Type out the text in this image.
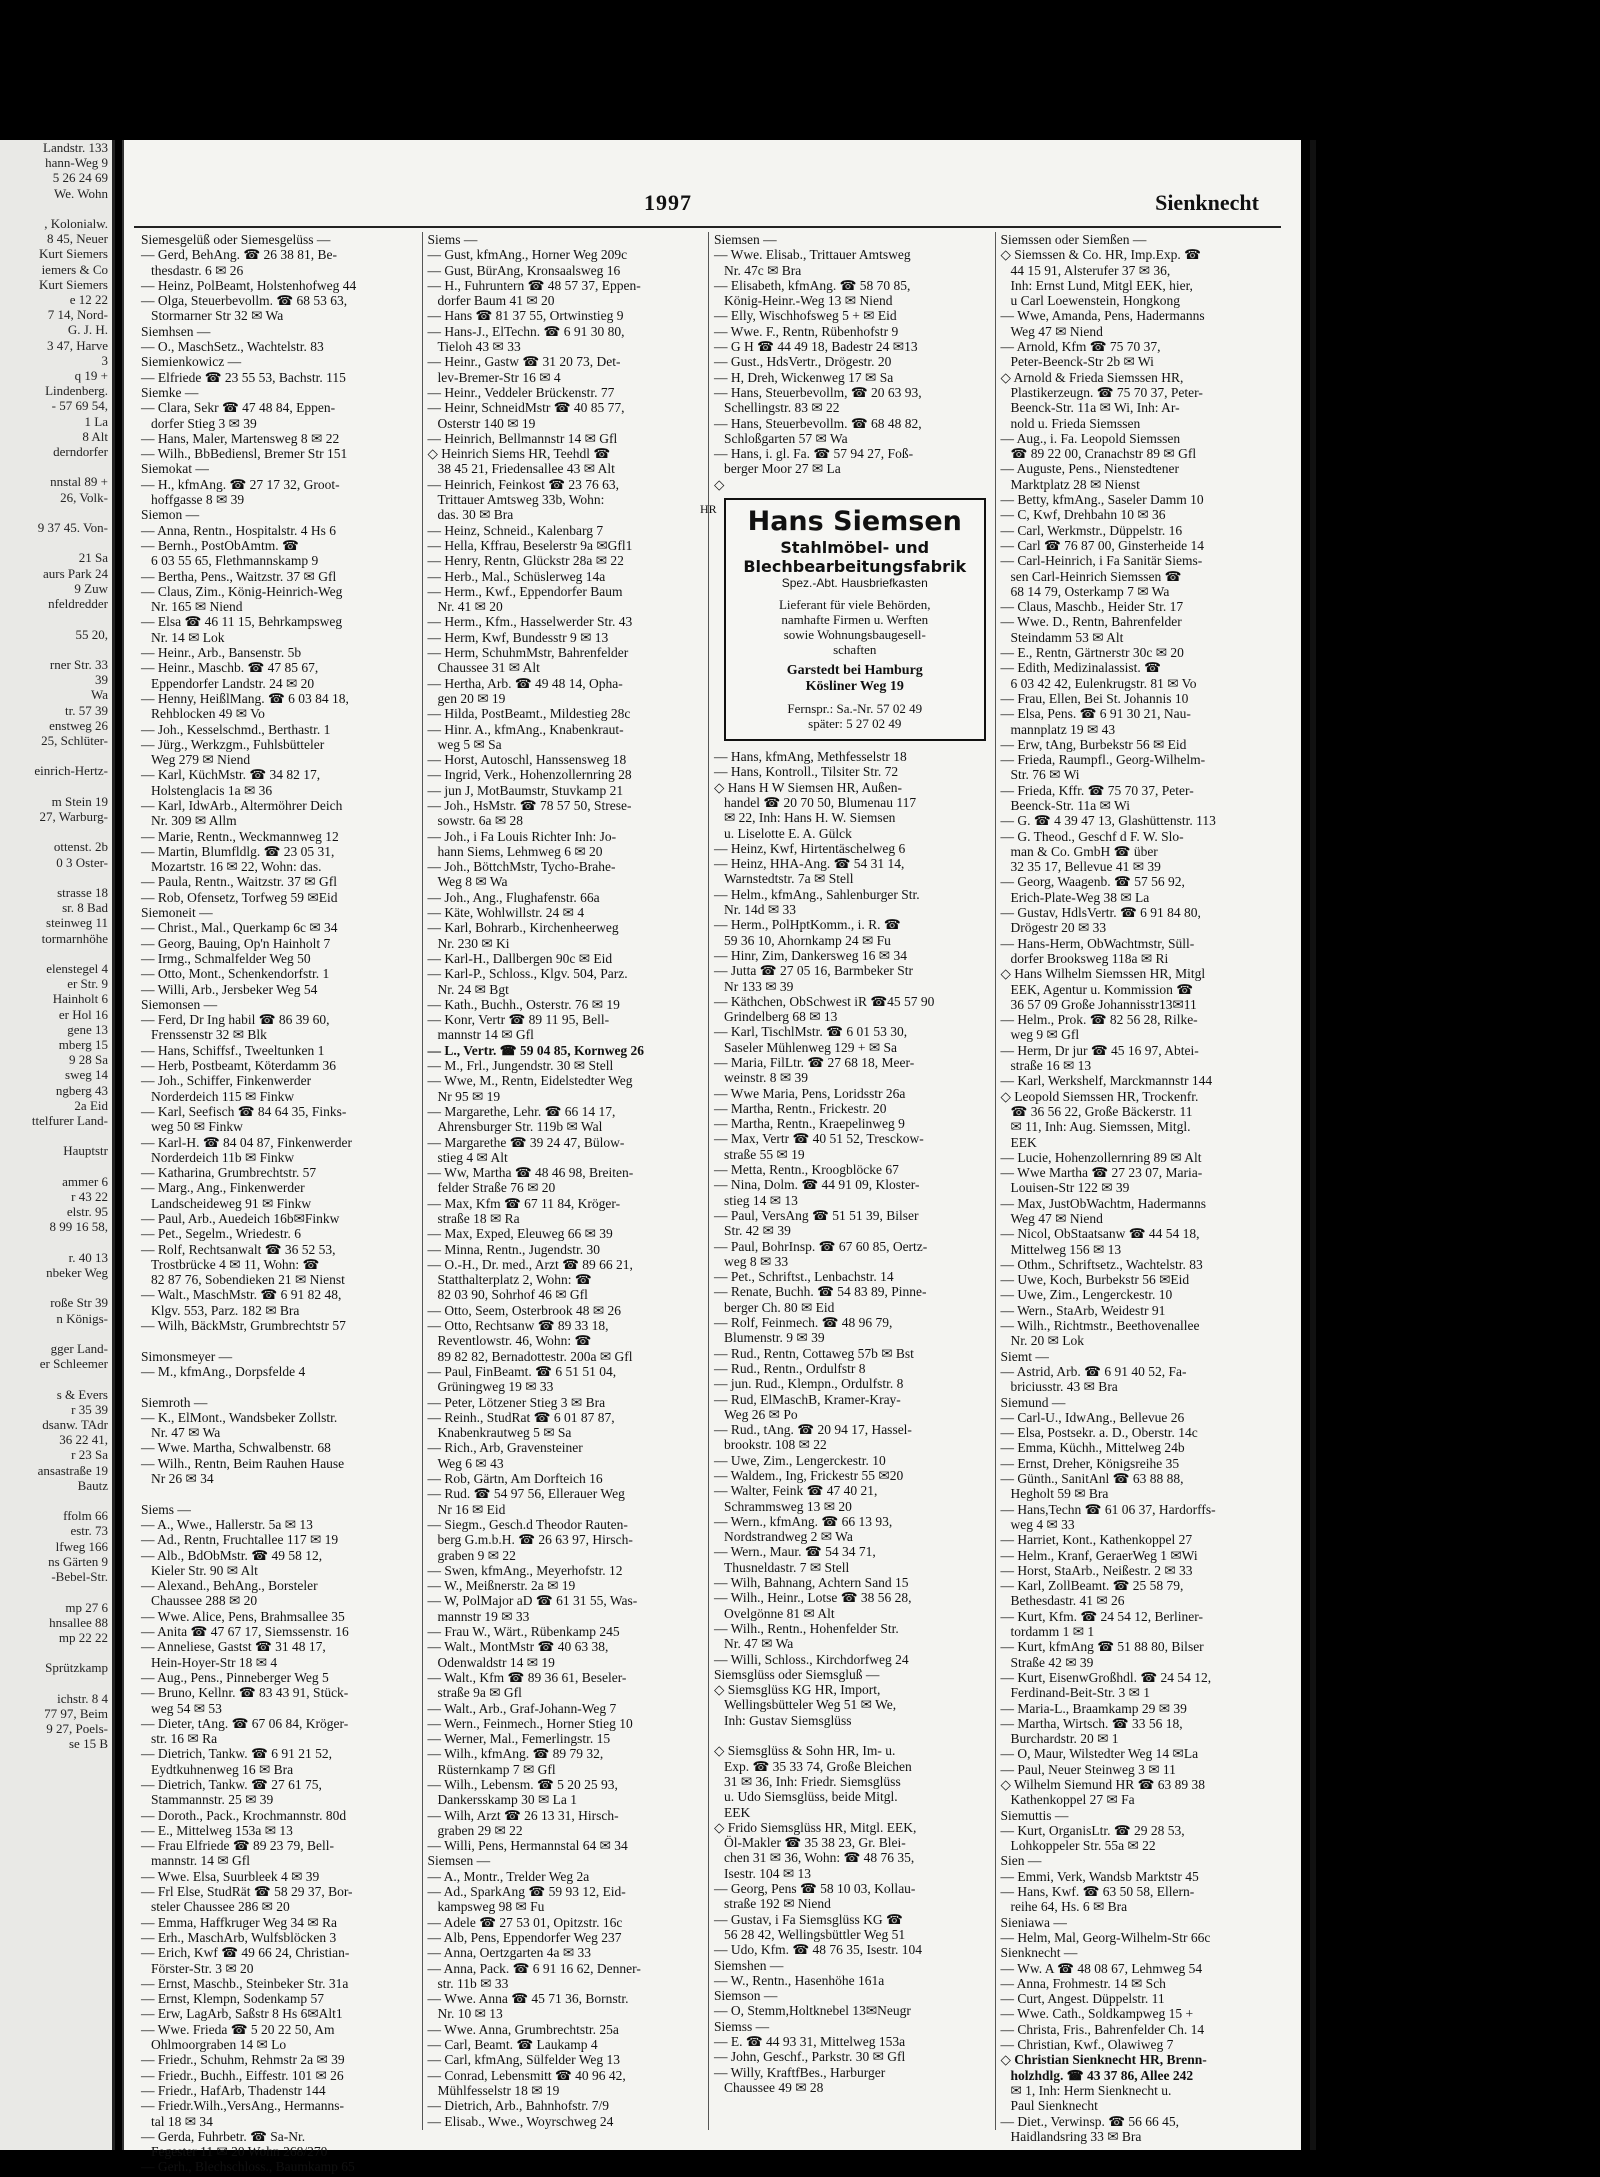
Landstr. 133
hann-Weg 9
5 26 24 69
We. Wohn

, Kolonialw.
8 45, Neuer
Kurt Siemers
iemers & Co
Kurt Siemers
e 12 22
7 14, Nord-
G. J. H.
3 47, Harve
3
q 19 +
Lindenberg.
- 57 69 54,
1 La
8 Alt
derndorfer

nnstal 89 +
26, Volk-

9 37 45. Von-

21 Sa
aurs Park 24
9 Zuw
nfeldredder

55 20,

rner Str. 33
39
Wa
tr. 57 39
enstweg 26
25, Schlüter-

einrich-Hertz-

m Stein 19
27, Warburg-

ottenst. 2b
0 3 Oster-

strasse 18
sr. 8 Bad
steinweg 11
tormarnhöhe

elenstegel 4
er Str. 9
Hainholt 6
er Hol 16
gene 13
mberg 15
9 28 Sa
sweg 14
ngberg 43
2a Eid
ttelfurer Land-

Hauptstr

ammer 6
r 43 22
elstr. 95
8 99 16 58,

r. 40 13
nbeker Weg

roße Str 39
n Königs-

gger Land-
er Schleemer

s & Evers
r 35 39
dsanw. TAdr
36 22 41,
r 23 Sa
ansastraße 19
Bautz

ffolm 66
estr. 73
lfweg 166
ns Gärten 9
-Bebel-Str.

mp 27 6
hnsallee 88
mp 22 22

Sprützkamp

ichstr. 8 4
77 97, Beim
9 27, Poels-
se 15 B
1997	Sienknecht
Siemesgelüß oder Siemesgelüss —
— Gerd, BehAng. ☎ 26 38 81, Be-
thesdastr. 6 ✉ 26
— Heinz, PolBeamt, Holstenhofweg 44
— Olga, Steuerbevollm. ☎ 68 53 63,
Stormarner Str 32 ✉ Wa
Siemhsen —
— O., MaschSetz., Wachtelstr. 83
Siemienkowicz —
— Elfriede ☎ 23 55 53, Bachstr. 115
Siemke —
— Clara, Sekr ☎ 47 48 84, Eppen-
dorfer Stieg 3 ✉ 39
— Hans, Maler, Martensweg 8 ✉ 22
— Wilh., BbBediensl, Bremer Str 151
Siemokat —
— H., kfmAng. ☎ 27 17 32, Groot-
hoffgasse 8 ✉ 39
Siemon —
— Anna, Rentn., Hospitalstr. 4 Hs 6
— Bernh., PostObAmtm. ☎
6 03 55 65, Flethmannskamp 9
— Bertha, Pens., Waitzstr. 37 ✉ Gfl
— Claus, Zim., König-Heinrich-Weg
Nr. 165 ✉ Niend
— Elsa ☎ 46 11 15, Behrkampsweg
Nr. 14 ✉ Lok
— Heinr., Arb., Bansenstr. 5b
— Heinr., Maschb. ☎ 47 85 67,
Eppendorfer Landstr. 24 ✉ 20
— Henny, HeißlMang. ☎ 6 03 84 18,
Rehblocken 49 ✉ Vo
— Joh., Kesselschmd., Berthastr. 1
— Jürg., Werkzgm., Fuhlsbütteler
Weg 279 ✉ Niend
— Karl, KüchMstr. ☎ 34 82 17,
Holstenglacis 1a ✉ 36
— Karl, IdwArb., Altermöhrer Deich
Nr. 309 ✉ Allm
— Marie, Rentn., Weckmannweg 12
— Martin, Blumfldlg. ☎ 23 05 31,
Mozartstr. 16 ✉ 22, Wohn: das.
— Paula, Rentn., Waitzstr. 37 ✉ Gfl
— Rob, Ofensetz, Torfweg 59 ✉Eid
Siemoneit —
— Christ., Mal., Querkamp 6c ✉ 34
— Georg, Bauing, Op'n Hainholt 7
— Irmg., Schmalfelder Weg 50
— Otto, Mont., Schenkendorfstr. 1
— Willi, Arb., Jersbeker Weg 54
Siemonsen —
— Ferd, Dr Ing habil ☎ 86 39 60,
Frenssenstr 32 ✉ Blk
— Hans, Schiffsf., Tweeltunken 1
— Herb, Postbeamt, Köterdamm 36
— Joh., Schiffer, Finkenwerder
Norderdeich 115 ✉ Finkw
— Karl, Seefisch ☎ 84 64 35, Finks-
weg 50 ✉ Finkw
— Karl-H. ☎ 84 04 87, Finkenwerder
Norderdeich 11b ✉ Finkw
— Katharina, Grumbrechtstr. 57
— Marg., Ang., Finkenwerder
Landscheideweg 91 ✉ Finkw
— Paul, Arb., Auedeich 16b✉Finkw
— Pet., Segelm., Wriedestr. 6
— Rolf, Rechtsanwalt ☎ 36 52 53,
Trostbrücke 4 ✉ 11, Wohn: ☎
82 87 76, Sobendieken 21 ✉ Nienst
— Walt., MaschMstr. ☎ 6 91 82 48,
Klgv. 553, Parz. 182 ✉ Bra
— Wilh, BäckMstr, Grumbrechtstr 57

Simonsmeyer —
— M., kfmAng., Dorpsfelde 4

Siemroth —
— K., ElMont., Wandsbeker Zollstr.
Nr. 47 ✉ Wa
— Wwe. Martha, Schwalbenstr. 68
— Wilh., Rentn, Beim Rauhen Hause
Nr 26 ✉ 34

Siems —
— A., Wwe., Hallerstr. 5a ✉ 13
— Ad., Rentn, Fruchtallee 117 ✉ 19
— Alb., BdObMstr. ☎ 49 58 12,
Kieler Str. 90 ✉ Alt
— Alexand., BehAng., Borsteler
Chaussee 288 ✉ 20
— Wwe. Alice, Pens, Brahmsallee 35
— Anita ☎ 47 67 17, Siemssenstr. 16
— Anneliese, Gastst ☎ 31 48 17,
Hein-Hoyer-Str 18 ✉ 4
— Aug., Pens., Pinneberger Weg 5
— Bruno, Kellnr. ☎ 83 43 91, Stück-
weg 54 ✉ 53
— Dieter, tAng. ☎ 67 06 84, Kröger-
str. 16 ✉ Ra
— Dietrich, Tankw. ☎ 6 91 21 52,
Eydtkuhnenweg 16 ✉ Bra
— Dietrich, Tankw. ☎ 27 61 75,
Stammannstr. 25 ✉ 39
— Doroth., Pack., Krochmannstr. 80d
— E., Mittelweg 153a ✉ 13
— Frau Elfriede ☎ 89 23 79, Bell-
mannstr. 14 ✉ Gfl
— Wwe. Elsa, Suurbleek 4 ✉ 39
— Frl Else, StudRät ☎ 58 29 37, Bor-
steler Chaussee 286 ✉ 20
— Emma, Haffkruger Weg 34 ✉ Ra
— Erh., MaschArb, Wulfsblöcken 3
— Erich, Kwf ☎ 49 66 24, Christian-
Förster-Str. 3 ✉ 20
— Ernst, Maschb., Steinbeker Str. 31a
— Ernst, Klempn, Sodenkamp 57
— Erw, LagArb, Saßstr 8 Hs 6✉Alt1
— Wwe. Frieda ☎ 5 20 22 50, Am
Ohlmoorgraben 14 ✉ Lo
— Friedr., Schuhm, Rehmstr 2a ✉ 39
— Friedr., Buchh., Eiffestr. 101 ✉ 26
— Friedr., HafArb, Thadenstr 144
— Friedr.Wilh.,VersAng., Hermanns-
tal 18 ✉ 34
— Gerda, Fuhrbetr. ☎ Sa-Nr.
Fegester 11 ✉ 20 Wohn 268/270
— Gerh., Blechschloss., Baumkamp 65
Siems —
— Gust, kfmAng., Horner Weg 209c
— Gust, BürAng, Kronsaalsweg 16
— H., Fuhruntern ☎ 48 57 37, Eppen-
dorfer Baum 41 ✉ 20
— Hans ☎ 81 37 55, Ortwinstieg 9
— Hans-J., ElTechn. ☎ 6 91 30 80,
Tieloh 43 ✉ 33
— Heinr., Gastw ☎ 31 20 73, Det-
lev-Bremer-Str 16 ✉ 4
— Heinr., Veddeler Brückenstr. 77
— Heinr, SchneidMstr ☎ 40 85 77,
Osterstr 140 ✉ 19
— Heinrich, Bellmannstr 14 ✉ Gfl
◇ Heinrich Siems HR, Teehdl ☎
38 45 21, Friedensallee 43 ✉ Alt
— Heinrich, Feinkost ☎ 23 76 63,
Trittauer Amtsweg 33b, Wohn:
das. 30 ✉ Bra
— Heinz, Schneid., Kalenbarg 7
— Hella, Kffrau, Beselerstr 9a ✉Gfl1
— Henry, Rentn, Glückstr 28a ✉ 22
— Herb., Mal., Schüslerweg 14a
— Herm., Kwf., Eppendorfer Baum
Nr. 41 ✉ 20
— Herm., Kfm., Hasselwerder Str. 43
— Herm, Kwf, Bundesstr 9 ✉ 13
— Herm, SchuhmMstr, Bahrenfelder
Chaussee 31 ✉ Alt
— Hertha, Arb. ☎ 49 48 14, Opha-
gen 20 ✉ 19
— Hilda, PostBeamt., Mildestieg 28c
— Hinr. A., kfmAng., Knabenkraut-
weg 5 ✉ Sa
— Horst, Autoschl, Hanssensweg 18
— Ingrid, Verk., Hohenzollernring 28
— jun J, MotBaumstr, Stuvkamp 21
— Joh., HsMstr. ☎ 78 57 50, Strese-
sowstr. 6a ✉ 28
— Joh., i Fa Louis Richter Inh: Jo-
hann Siems, Lehmweg 6 ✉ 20
— Joh., BöttchMstr, Tycho-Brahe-
Weg 8 ✉ Wa
— Joh., Ang., Flughafenstr. 66a
— Käte, Wohlwillstr. 24 ✉ 4
— Karl, Bohrarb., Kirchenheerweg
Nr. 230 ✉ Ki
— Karl-H., Dallbergen 90c ✉ Eid
— Karl-P., Schloss., Klgv. 504, Parz.
Nr. 24 ✉ Bgt
— Kath., Buchh., Osterstr. 76 ✉ 19
— Konr, Vertr ☎ 89 11 95, Bell-
mannstr 14 ✉ Gfl
— L., Vertr. ☎ 59 04 85, Kornweg 26
— M., Frl., Jungendstr. 30 ✉ Stell
— Wwe, M., Rentn, Eidelstedter Weg
Nr 95 ✉ 19
— Margarethe, Lehr. ☎ 66 14 17,
Ahrensburger Str. 119b ✉ Wal
— Margarethe ☎ 39 24 47, Bülow-
stieg 4 ✉ Alt
— Ww, Martha ☎ 48 46 98, Breiten-
felder Straße 76 ✉ 20
— Max, Kfm ☎ 67 11 84, Kröger-
straße 18 ✉ Ra
— Max, Exped, Eleuweg 66 ✉ 39
— Minna, Rentn., Jugendstr. 30
— O.-H., Dr. med., Arzt ☎ 89 66 21,
Statthalterplatz 2, Wohn: ☎
82 03 90, Sohrhof 46 ✉ Gfl
— Otto, Seem, Osterbrook 48 ✉ 26
— Otto, Rechtsanw ☎ 89 33 18,
Reventlowstr. 46, Wohn: ☎
89 82 82, Bernadottestr. 200a ✉ Gfl
— Paul, FinBeamt. ☎ 6 51 51 04,
Grüningweg 19 ✉ 33
— Peter, Lötzener Stieg 3 ✉ Bra
— Reinh., StudRat ☎ 6 01 87 87,
Knabenkrautweg 5 ✉ Sa
— Rich., Arb, Gravensteiner
Weg 6 ✉ 43
— Rob, Gärtn, Am Dorfteich 16
— Rud. ☎ 54 97 56, Ellerauer Weg
Nr 16 ✉ Eid
— Siegm., Gesch.d Theodor Rauten-
berg G.m.b.H. ☎ 26 63 97, Hirsch-
graben 9 ✉ 22
— Swen, kfmAng., Meyerhofstr. 12
— W., Meißnerstr. 2a ✉ 19
— W, PolMajor aD ☎ 61 31 55, Was-
mannstr 19 ✉ 33
— Frau W., Wärt., Rübenkamp 245
— Walt., MontMstr ☎ 40 63 38,
Odenwaldstr 14 ✉ 19
— Walt., Kfm ☎ 89 36 61, Beseler-
straße 9a ✉ Gfl
— Walt., Arb., Graf-Johann-Weg 7
— Wern., Feinmech., Horner Stieg 10
— Werner, Mal., Femerlingstr. 15
— Wilh., kfmAng. ☎ 89 79 32,
Rüsternkamp 7 ✉ Gfl
— Wilh., Lebensm. ☎ 5 20 25 93,
Dankersskamp 30 ✉ La 1
— Wilh, Arzt ☎ 26 13 31, Hirsch-
graben 29 ✉ 22
— Willi, Pens, Hermannstal 64 ✉ 34
Siemsen —
— A., Montr., Trelder Weg 2a
— Ad., SparkAng ☎ 59 93 12, Eid-
kampsweg 98 ✉ Fu
— Adele ☎ 27 53 01, Opitzstr. 16c
— Alb, Pens, Eppendorfer Weg 237
— Anna, Oertzgarten 4a ✉ 33
— Anna, Pack. ☎ 6 91 16 62, Denner-
str. 11b ✉ 33
— Wwe. Anna ☎ 45 71 36, Bornstr.
Nr. 10 ✉ 13
— Wwe. Anna, Grumbrechtstr. 25a
— Carl, Beamt. ☎ Laukamp 4
— Carl, kfmAng, Sülfelder Weg 13
— Conrad, Lebensmitt ☎ 40 96 42,
Mühlfesselstr 18 ✉ 19
— Dietrich, Arb., Bahnhofstr. 7/9
— Elisab., Wwe., Woyrschweg 24
Siemsen —
— Wwe. Elisab., Trittauer Amtsweg
Nr. 47c ✉ Bra
— Elisabeth, kfmAng. ☎ 58 70 85,
König-Heinr.-Weg 13 ✉ Niend
— Elly, Wischhofsweg 5 + ✉ Eid
— Wwe. F., Rentn, Rübenhofstr 9
— G H ☎ 44 49 18, Badestr 24 ✉13
— Gust., HdsVertr., Drögestr. 20
— H, Dreh, Wickenweg 17 ✉ Sa
— Hans, Steuerbevollm, ☎ 20 63 93,
Schellingstr. 83 ✉ 22
— Hans, Steuerbevollm. ☎ 68 48 82,
Schloßgarten 57 ✉ Wa
— Hans, i. gl. Fa. ☎ 57 94 27, Foß-
berger Moor 27 ✉ La
◇
HR	Hans Siemsen
Stahlmöbel- und
Blechbearbeitungsfabrik
Spez.-Abt. Hausbriefkasten
Lieferant für viele Behörden,
namhafte Firmen u. Werften
sowie Wohnungsbaugesell-
schaften
Garstedt bei Hamburg
Kösliner Weg 19
Fernspr.: Sa.-Nr. 57 02 49
später: 5 27 02 49
— Hans, kfmAng, Methfesselstr 18
— Hans, Kontroll., Tilsiter Str. 72
◇ Hans H W Siemsen HR, Außen-
handel ☎ 20 70 50, Blumenau 117
✉ 22, Inh: Hans H. W. Siemsen
u. Liselotte E. A. Gülck
— Heinz, Kwf, Hirtentäschelweg 6
— Heinz, HHA-Ang. ☎ 54 31 14,
Warnstedtstr. 7a ✉ Stell
— Helm., kfmAng., Sahlenburger Str.
Nr. 14d ✉ 33
— Herm., PolHptKomm., i. R. ☎
59 36 10, Ahornkamp 24 ✉ Fu
— Hinr, Zim, Dankersweg 16 ✉ 34
— Jutta ☎ 27 05 16, Barmbeker Str
Nr 133 ✉ 39
— Käthchen, ObSchwest iR ☎45 57 90
Grindelberg 68 ✉ 13
— Karl, TischlMstr. ☎ 6 01 53 30,
Saseler Mühlenweg 129 + ✉ Sa
— Maria, FilLtr. ☎ 27 68 18, Meer-
weinstr. 8 ✉ 39
— Wwe Maria, Pens, Loridsstr 26a
— Martha, Rentn., Frickestr. 20
— Martha, Rentn., Kraepelinweg 9
— Max, Vertr ☎ 40 51 52, Tresckow-
straße 55 ✉ 19
— Metta, Rentn., Kroogblöcke 67
— Nina, Dolm. ☎ 44 91 09, Kloster-
stieg 14 ✉ 13
— Paul, VersAng ☎ 51 51 39, Bilser
Str. 42 ✉ 39
— Paul, BohrInsp. ☎ 67 60 85, Oertz-
weg 8 ✉ 33
— Pet., Schriftst., Lenbachstr. 14
— Renate, Buchh. ☎ 54 83 89, Pinne-
berger Ch. 80 ✉ Eid
— Rolf, Feinmech. ☎ 48 96 79,
Blumenstr. 9 ✉ 39
— Rud., Rentn, Cottaweg 57b ✉ Bst
— Rud., Rentn., Ordulfstr 8
— jun. Rud., Klempn., Ordulfstr. 8
— Rud, ElMaschB, Kramer-Kray-
Weg 26 ✉ Po
— Rud., tAng. ☎ 20 94 17, Hassel-
brookstr. 108 ✉ 22
— Uwe, Zim., Lengerckestr. 10
— Waldem., Ing, Frickestr 55 ✉20
— Walter, Feink ☎ 47 40 21,
Schrammsweg 13 ✉ 20
— Wern., kfmAng. ☎ 66 13 93,
Nordstrandweg 2 ✉ Wa
— Wern., Maur. ☎ 54 34 71,
Thusneldastr. 7 ✉ Stell
— Wilh, Bahnang, Achtern Sand 15
— Wilh., Heinr., Lotse ☎ 38 56 28,
Ovelgönne 81 ✉ Alt
— Wilh., Rentn., Hohenfelder Str.
Nr. 47 ✉ Wa
— Willi, Schloss., Kirchdorfweg 24
Siemsglüss oder Siemsgluß —
◇ Siemsglüss KG HR, Import,
Wellingsbütteler Weg 51 ✉ We,
Inh: Gustav Siemsglüss

◇ Siemsglüss & Sohn HR, Im- u.
Exp. ☎ 35 33 74, Große Bleichen
31 ✉ 36, Inh: Friedr. Siemsglüss
u. Udo Siemsglüss, beide Mitgl.
EEK
◇ Frido Siemsglüss HR, Mitgl. EEK,
Öl-Makler ☎ 35 38 23, Gr. Blei-
chen 31 ✉ 36, Wohn: ☎ 48 76 35,
Isestr. 104 ✉ 13
— Georg, Pens ☎ 58 10 03, Kollau-
straße 192 ✉ Niend
— Gustav, i Fa Siemsglüss KG ☎
56 28 42, Wellingsbüttler Weg 51
— Udo, Kfm. ☎ 48 76 35, Isestr. 104
Siemshen —
— W., Rentn., Hasenhöhe 161a
Siemson —
— O, Stemm,Holtknebel 13✉Neugr
Siemss —
— E. ☎ 44 93 31, Mittelweg 153a
— John, Geschf., Parkstr. 30 ✉ Gfl
— Willy, KraftfBes., Harburger
Chaussee 49 ✉ 28
Siemssen oder Siemßen —
◇ Siemssen & Co. HR, Imp.Exp. ☎
44 15 91, Alsterufer 37 ✉ 36,
Inh: Ernst Lund, Mitgl EEK, hier,
u Carl Loewenstein, Hongkong
— Wwe, Amanda, Pens, Hadermanns
Weg 47 ✉ Niend
— Arnold, Kfm ☎ 75 70 37,
Peter-Beenck-Str 2b ✉ Wi
◇ Arnold & Frieda Siemssen HR,
Plastikerzeugn. ☎ 75 70 37, Peter-
Beenck-Str. 11a ✉ Wi, Inh: Ar-
nold u. Frieda Siemssen
— Aug., i. Fa. Leopold Siemssen
☎ 89 22 00, Cranachstr 89 ✉ Gfl
— Auguste, Pens., Nienstedtener
Marktplatz 28 ✉ Nienst
— Betty, kfmAng., Saseler Damm 10
— C, Kwf, Drehbahn 10 ✉ 36
— Carl, Werkmstr., Düppelstr. 16
— Carl ☎ 76 87 00, Ginsterheide 14
— Carl-Heinrich, i Fa Sanitär Siems-
sen Carl-Heinrich Siemssen ☎
68 14 79, Osterkamp 7 ✉ Wa
— Claus, Maschb., Heider Str. 17
— Wwe. D., Rentn, Bahrenfelder
Steindamm 53 ✉ Alt
— E., Rentn, Gärtnerstr 30c ✉ 20
— Edith, Medizinalassist. ☎
6 03 42 42, Eulenkrugstr. 81 ✉ Vo
— Frau, Ellen, Bei St. Johannis 10
— Elsa, Pens. ☎ 6 91 30 21, Nau-
mannplatz 19 ✉ 43
— Erw, tAng, Burbekstr 56 ✉ Eid
— Frieda, Raumpfl., Georg-Wilhelm-
Str. 76 ✉ Wi
— Frieda, Kffr. ☎ 75 70 37, Peter-
Beenck-Str. 11a ✉ Wi
— G. ☎ 4 39 47 13, Glashüttenstr. 113
— G. Theod., Geschf d F. W. Slo-
man & Co. GmbH ☎ über
32 35 17, Bellevue 41 ✉ 39
— Georg, Waagenb. ☎ 57 56 92,
Erich-Plate-Weg 38 ✉ La
— Gustav, HdlsVertr. ☎ 6 91 84 80,
Drögestr 20 ✉ 33
— Hans-Herm, ObWachtmstr, Süll-
dorfer Brooksweg 118a ✉ Ri
◇ Hans Wilhelm Siemssen HR, Mitgl
EEK, Agentur u. Kommission ☎
36 57 09 Große Johannisstr13✉11
— Helm., Prok. ☎ 82 56 28, Rilke-
weg 9 ✉ Gfl
— Herm, Dr jur ☎ 45 16 97, Abtei-
straße 16 ✉ 13
— Karl, Werkshelf, Marckmannstr 144
◇ Leopold Siemssen HR, Trockenfr.
☎ 36 56 22, Große Bäckerstr. 11
✉ 11, Inh: Aug. Siemssen, Mitgl.
EEK
— Lucie, Hohenzollernring 89 ✉ Alt
— Wwe Martha ☎ 27 23 07, Maria-
Louisen-Str 122 ✉ 39
— Max, JustObWachtm, Hadermanns
Weg 47 ✉ Niend
— Nicol, ObStaatsanw ☎ 44 54 18,
Mittelweg 156 ✉ 13
— Othm., Schriftsetz., Wachtelstr. 83
— Uwe, Koch, Burbekstr 56 ✉Eid
— Uwe, Zim., Lengerckestr. 10
— Wern., StaArb, Weidestr 91
— Wilh., Richtmstr., Beethovenallee
Nr. 20 ✉ Lok
Siemt —
— Astrid, Arb. ☎ 6 91 40 52, Fa-
briciusstr. 43 ✉ Bra
Siemund —
— Carl-U., IdwAng., Bellevue 26
— Elsa, Postsekr. a. D., Oberstr. 14c
— Emma, Küchh., Mittelweg 24b
— Ernst, Dreher, Königsreihe 35
— Günth., SanitAnl ☎ 63 88 88,
Hegholt 59 ✉ Bra
— Hans,Techn ☎ 61 06 37, Hardorffs-
weg 4 ✉ 33
— Harriet, Kont., Kathenkoppel 27
— Helm., Kranf, GeraerWeg 1 ✉Wi
— Horst, StaArb., Neißestr. 2 ✉ 33
— Karl, ZollBeamt. ☎ 25 58 79,
Bethesdastr. 41 ✉ 26
— Kurt, Kfm. ☎ 24 54 12, Berliner-
tordamm 1 ✉ 1
— Kurt, kfmAng ☎ 51 88 80, Bilser
Straße 42 ✉ 39
— Kurt, EisenwGroßhdl. ☎ 24 54 12,
Ferdinand-Beit-Str. 3 ✉ 1
— Maria-L., Braamkamp 29 ✉ 39
— Martha, Wirtsch. ☎ 33 56 18,
Burchardstr. 20 ✉ 1
— O, Maur, Wilstedter Weg 14 ✉La
— Paul, Neuer Steinweg 3 ✉ 11
◇ Wilhelm Siemund HR ☎ 63 89 38
Kathenkoppel 27 ✉ Fa
Siemuttis —
— Kurt, OrganisLtr. ☎ 29 28 53,
Lohkoppeler Str. 55a ✉ 22
Sien —
— Emmi, Verk, Wandsb Marktstr 45
— Hans, Kwf. ☎ 63 50 58, Ellern-
reihe 64, Hs. 6 ✉ Bra
Sieniawa —
— Helm, Mal, Georg-Wilhelm-Str 66c
Sienknecht —
— Ww. A ☎ 48 08 67, Lehmweg 54
— Anna, Frohmestr. 14 ✉ Sch
— Curt, Angest. Düppelstr. 11
— Wwe. Cath., Soldkampweg 15 +
— Christa, Fris., Bahrenfelder Ch. 14
— Christian, Kwf., Olawiweg 7
◇ Christian Sienknecht HR, Brenn-
holzhdlg. ☎ 43 37 86, Allee 242
✉ 1, Inh: Herm Sienknecht u.
Paul Sienknecht
— Diet., Verwinsp. ☎ 56 66 45,
Haidlandsring 33 ✉ Bra
